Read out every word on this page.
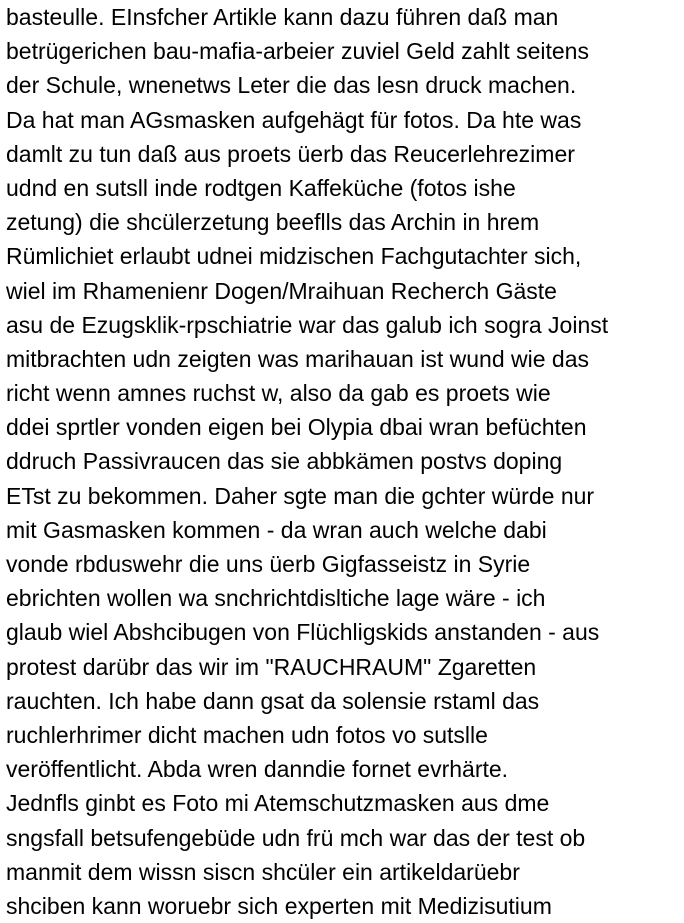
basteulle. EInsfcher Artikle kann dazu führen daß man
betrügerichen bau-mafia-arbeier zuviel Geld zahlt seitens
der Schule, wnenetws Leter die das lesn druck machen.
Da hat man AGsmasken aufgehägt für fotos. Da hte was
damlt zu tun daß aus proets üerb das Reucerlehrezimer
udnd en sutsll inde rodtgen Kaffeküche (fotos ishe
zetung) die shcülerzetung beeflls das Archin in hrem
Rümlichiet erlaubt udnei midzischen Fachgutachter sich,
wiel im Rhamenienr Dogen/Mraihuan Recherch Gäste
asu de Ezugsklik-rpschiatrie war das galub ich sogra Joinst
mitbrachten udn zeigten was marihauan ist wund wie das
richt wenn amnes ruchst w, also da gab es proets wie
ddei sprtler vonden eigen bei Olypia dbai wran befüchten
ddruch Passivraucen das sie abbkämen postvs doping
ETst zu bekommen. Daher sgte man die gchter würde nur
mit Gasmasken kommen - da wran auch welche dabi
vonde rbduswehr die uns üerb Gigfasseistz in Syrie
ebrichten wollen wa snchrichtdisltiche lage wäre - ich
glaub wiel Abshcibugen von Flüchligskids anstanden - aus
protest darübr das wir im "RAUCHRAUM" Zgaretten
rauchten. Ich habe dann gsat da solensie rstaml das
ruchlerhrimer dicht machen udn fotos vo sutslle
veröffentlicht. Abda wren danndie fornet evrhärte.
Jednfls ginbt es Foto mi Atemschutzmasken aus dme
sngsfall betsufengebüde udn frü mch war das der test ob
manmit dem wissn siscn shcüler ein artikeldarüebr
shciben kann woruebr sich experten mit Medizisutium
